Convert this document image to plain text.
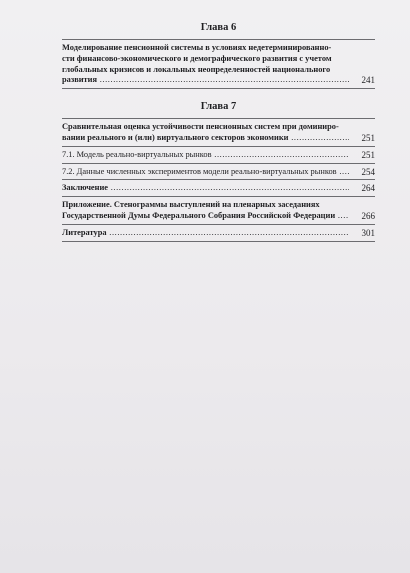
Глава 6
Моделирование пенсионной системы в условиях недетерминированно-
сти финансово-экономического и демографического развития с учетом
глобальных кризисов и локальных неопределенностей национального
развития .....	241
Глава 7
Сравнительная оценка устойчивости пенсионных систем при доминиро-
вании реального и (или) виртуального секторов экономики .....	251
7.1. Модель реально-виртуальных рынков .....	251
7.2. Данные численных экспериментов модели реально-виртуальных рынков .....	254
Заключение .....	264
Приложение. Стенограммы выступлений на пленарных заседаниях
Государственной Думы Федерального Собрания Российской Федерации .....	266
Литература .....	301
